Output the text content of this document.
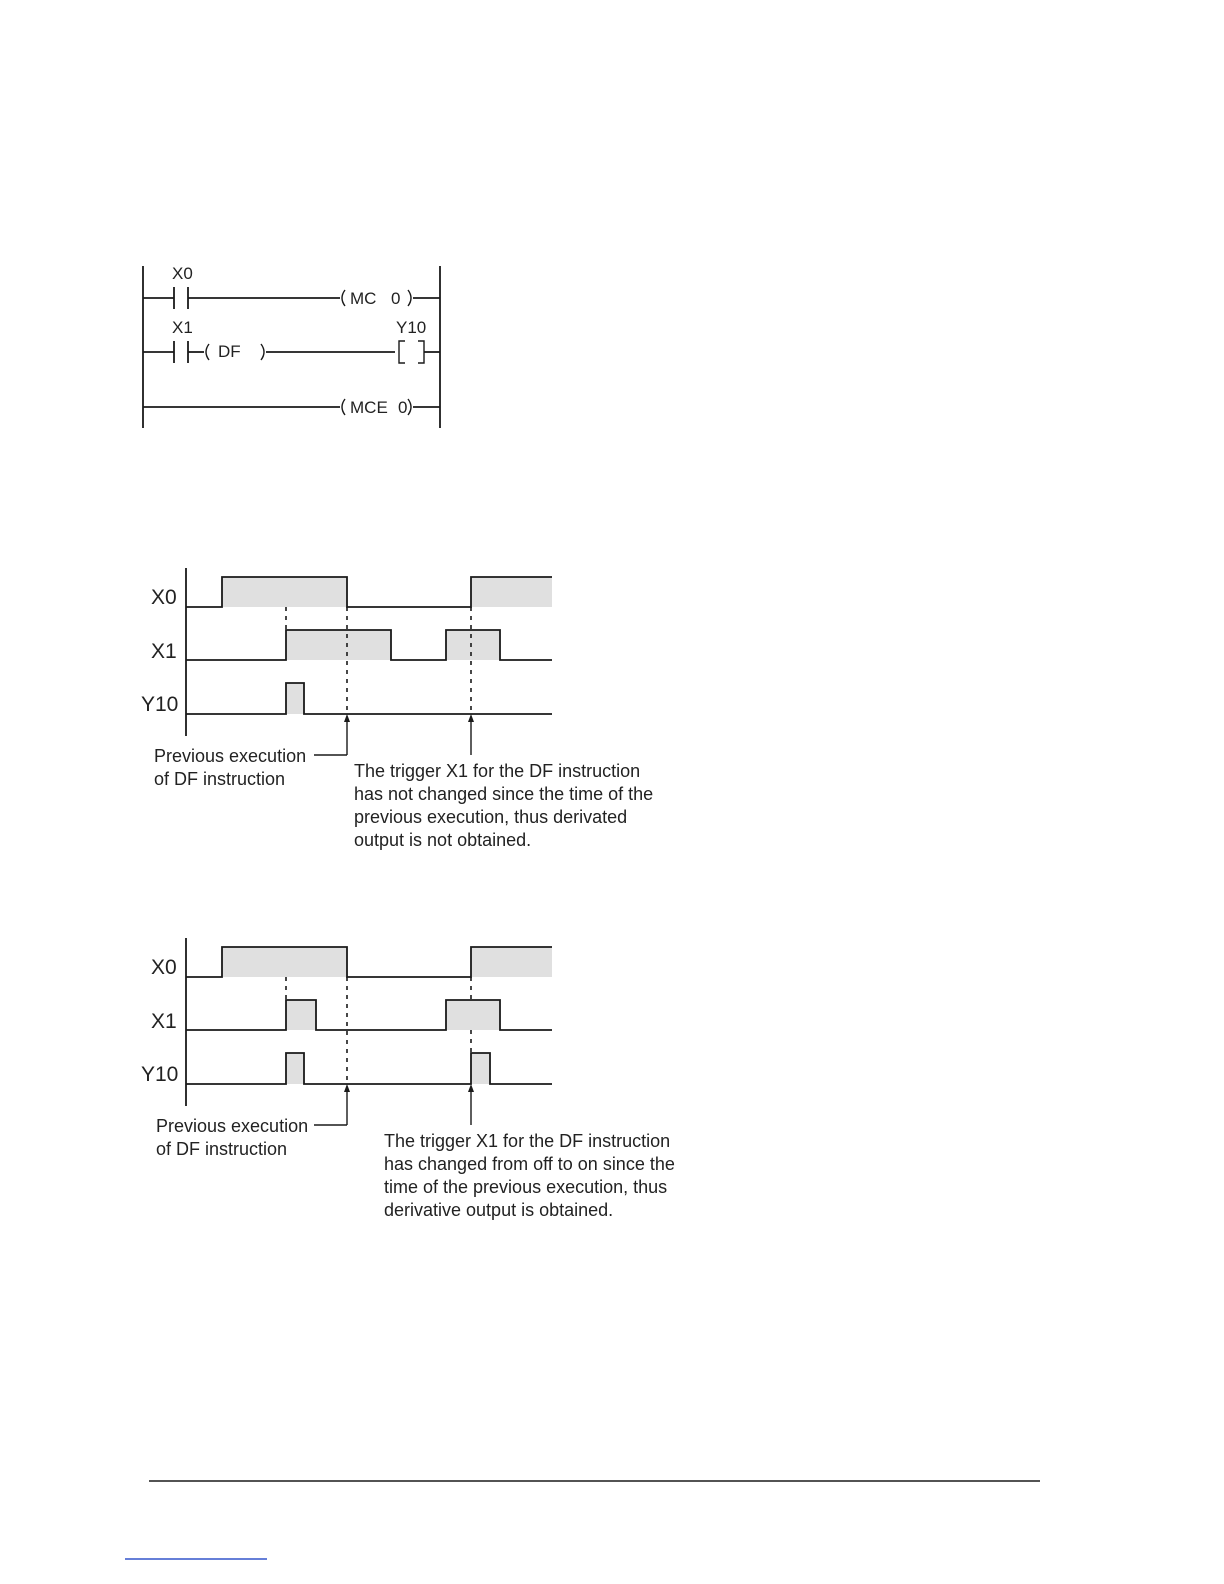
X0
MC 0
X1
DF
Y10
MCE 0
X0
X1
Y10
Previous execution
of DF instruction	The trigger X1 for the DF instruction
has not changed since the time of the
previous execution, thus derivated
output is not obtained.
X0
X1
Y10
Previous execution
of DF instruction	The trigger X1 for the DF instruction
has changed from off to on since the
time of the previous execution, thus
derivative output is obtained.
